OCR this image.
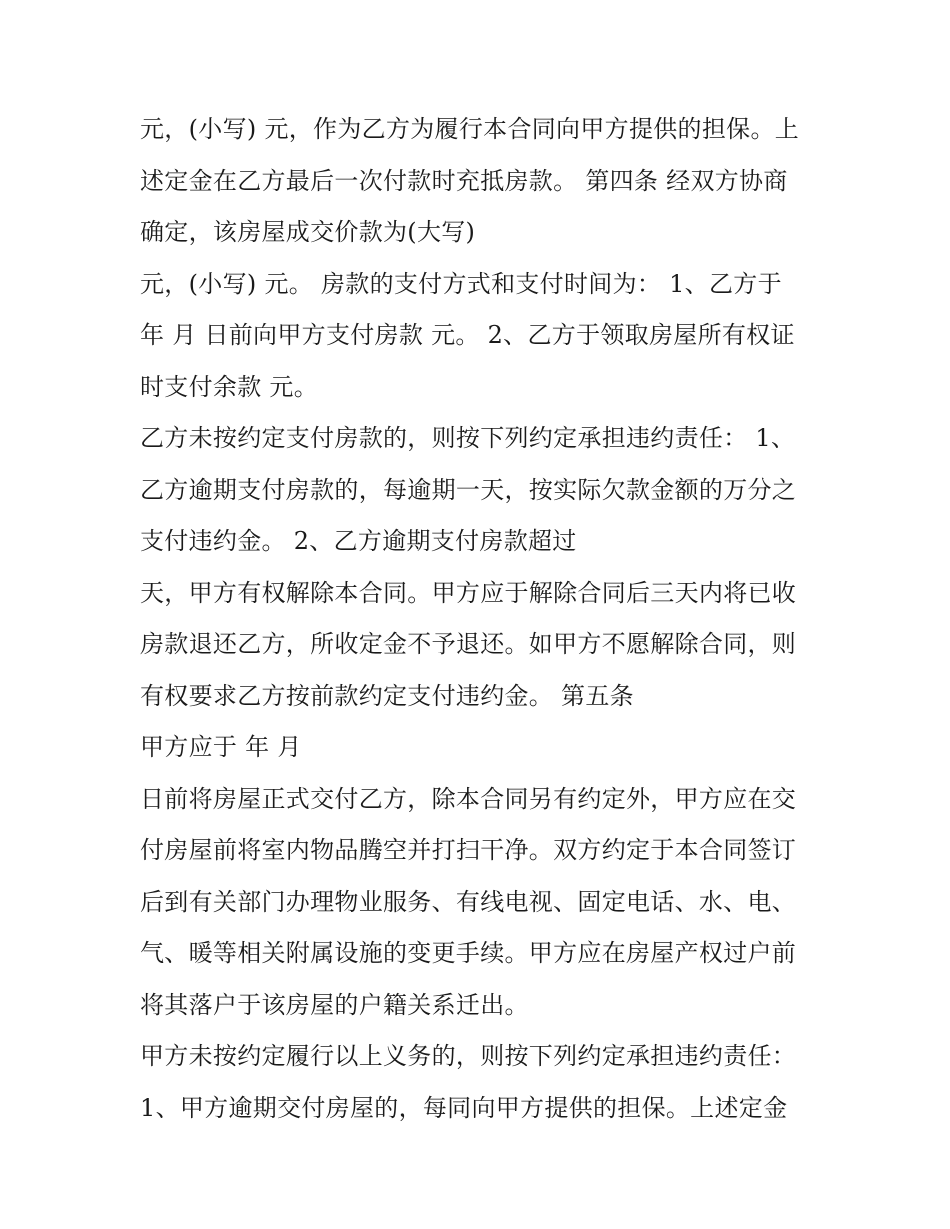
元，(小写) 元，作为乙方为履行本合同向甲方提供的担保。上
述定金在乙方最后一次付款时充抵房款。 第四条 经双方协商
确定，该房屋成交价款为(大写)
元，(小写) 元。 房款的支付方式和支付时间为： 1、乙方于
年 月 日前向甲方支付房款 元。 2、乙方于领取房屋所有权证
时支付余款 元。
乙方未按约定支付房款的，则按下列约定承担违约责任： 1、
乙方逾期支付房款的，每逾期一天，按实际欠款金额的万分之
支付违约金。 2、乙方逾期支付房款超过
天，甲方有权解除本合同。甲方应于解除合同后三天内将已收
房款退还乙方，所收定金不予退还。如甲方不愿解除合同，则
有权要求乙方按前款约定支付违约金。 第五条
甲方应于 年 月
日前将房屋正式交付乙方，除本合同另有约定外，甲方应在交
付房屋前将室内物品腾空并打扫干净。双方约定于本合同签订
后到有关部门办理物业服务、有线电视、固定电话、水、电、
气、暖等相关附属设施的变更手续。甲方应在房屋产权过户前
将其落户于该房屋的户籍关系迁出。
甲方未按约定履行以上义务的，则按下列约定承担违约责任：
1、甲方逾期交付房屋的，每同向甲方提供的担保。上述定金
